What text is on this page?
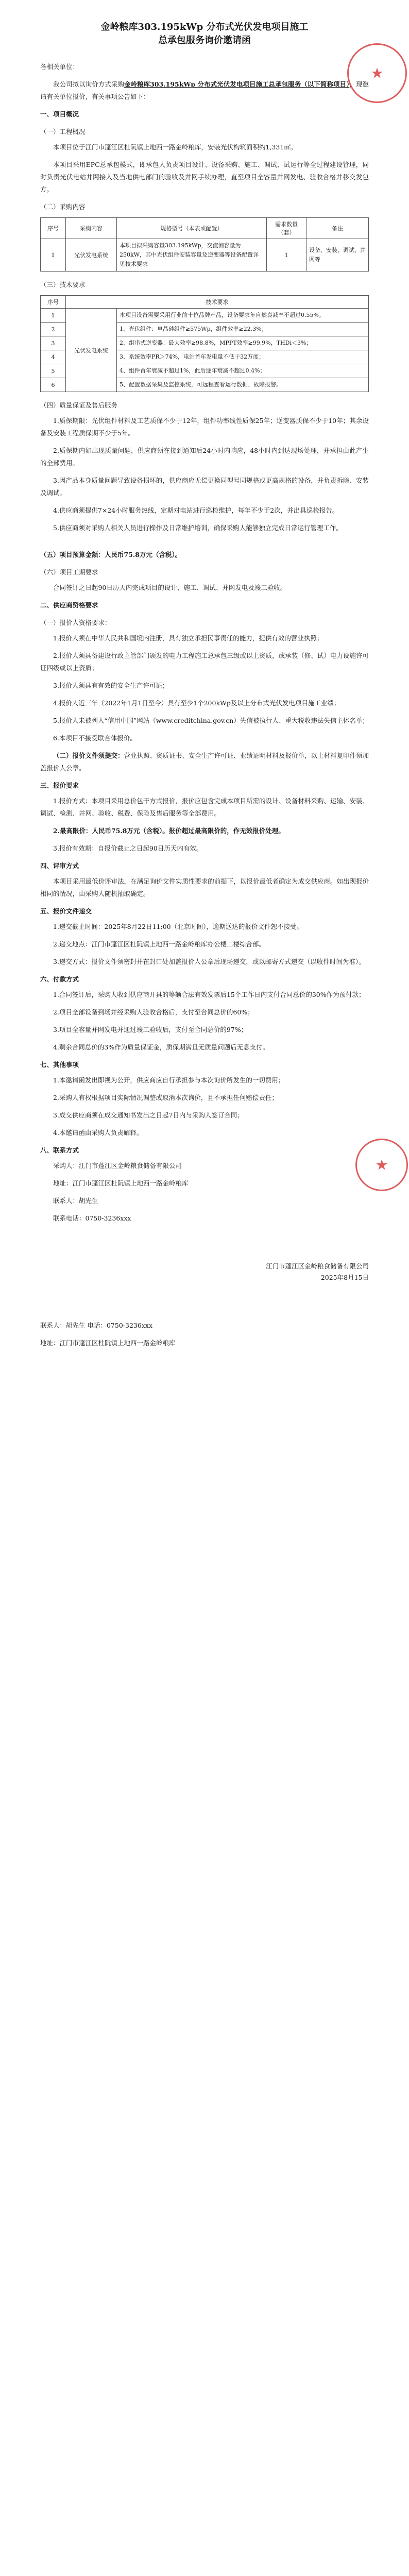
金岭粮库303.195kWp 分布式光伏发电项目施工
总承包服务询价邀请函

各相关单位：

我公司拟以询价方式采购金岭粮库303.195kWp 分布式光伏发电项目施工总承包服务（以下简称项目），现邀请有关单位报价，有关事项公告如下：

一、项目概况
（一）工程概况

本项目位于江门市蓬江区杜阮镇上地西一路金岭粮库，安装光伏构筑面积约1,331㎡。

本项目采用EPC总承包模式，即承包人负责项目设计、设备采购、施工、调试、试运行等全过程建设管理，同时负责光伏电站并网接入及当地供电部门的验收及并网手续办理，直至项目全容量并网发电、验收合格并移交发包方。

（二）采购内容
序号	采购内容	规格型号（本表或配置）	需求数量（套）	备注
1	光伏发电系统	本项目拟采购容量303.195kWp，交流侧容量为250kW，其中光伏组件安装容量及逆变器等设备配置详见技术要求	1	设备、安装、调试、并网等
（三）技术要求
序号	技术要求	
1	光伏发电系统	本项目设备需要采用行业前十位品牌产品，设备要求年自然衰减率不超过0.55%。
2		1、光伏组件：单晶硅组件≥575Wp，组件效率≥22.3%；
3		2、组串式逆变器：最大效率≥98.8%，MPPT效率≥99.9%，THDi＜3%；
4		3、系统效率PR＞74%，电站首年发电量不低于32万度；
5		4、组件首年衰减不超过1%，此后逐年衰减不超过0.4%；
6		5、配置数据采集及监控系统，可远程查看运行数据、故障报警。
（四）质量保证及售后服务

1.质保期限：光伏组件材料及工艺质保不少于12年，组件功率线性质保25年；逆变器质保不少于10年；其余设备及安装工程质保期不少于5年。

2.质保期内如出现质量问题，供应商须在接到通知后24小时内响应，48小时内到达现场处理，并承担由此产生的全部费用。

3.因产品本身质量问题导致设备损坏的，供应商应无偿更换同型号同规格或更高规格的设备，并负责拆除、安装及调试。

4.供应商须提供7×24小时服务热线，定期对电站进行巡检维护，每年不少于2次，并出具巡检报告。

5.供应商须对采购人相关人员进行操作及日常维护培训，确保采购人能够独立完成日常运行管理工作。

（五）项目预算金额：人民币75.8万元（含税）。
（六）项目工期要求

合同签订之日起90日历天内完成项目的设计、施工、调试、并网发电及竣工验收。

二、供应商资格要求
（一）报价人资格要求：

1.报价人须在中华人民共和国境内注册，具有独立承担民事责任的能力，提供有效的营业执照；

2.报价人须具备建设行政主管部门颁发的电力工程施工总承包三级或以上资质，或承装（修、试）电力设施许可证四级或以上资质；

3.报价人须具有有效的安全生产许可证；

4.报价人近三年（2022年1月1日至今）具有至少1个200kWp及以上分布式光伏发电项目施工业绩；

5.报价人未被列入“信用中国”网站（www.creditchina.gov.cn）失信被执行人、重大税收违法失信主体名单；

6.本项目不接受联合体报价。

（二）报价文件须提交：营业执照、资质证书、安全生产许可证、业绩证明材料及报价单，以上材料复印件须加盖报价人公章。

三、报价要求

1.报价方式：本项目采用总价包干方式报价，报价应包含完成本项目所需的设计、设备材料采购、运输、安装、调试、检测、并网、验收、税费、保险及售后服务等全部费用。

2.最高限价：人民币75.8万元（含税）。报价超过最高限价的，作无效报价处理。

3.报价有效期：自报价截止之日起90日历天内有效。

四、评审方式

本项目采用最低价评审法，在满足询价文件实质性要求的前提下，以报价最低者确定为成交供应商。如出现报价相同的情况，由采购人随机抽取确定。

五、报价文件递交

1.递交截止时间：2025年8月22日11:00（北京时间），逾期送达的报价文件恕不接受。

2.递交地点：江门市蓬江区杜阮镇上地西一路金岭粮库办公楼二楼综合部。

3.递交方式：报价文件须密封并在封口处加盖报价人公章后现场递交，或以邮寄方式递交（以收件时间为准）。

六、付款方式

1.合同签订后，采购人收到供应商开具的等额合法有效发票后15个工作日内支付合同总价的30%作为预付款；

2.项目全部设备到场并经采购人验收合格后，支付至合同总价的60%；

3.项目全容量并网发电并通过竣工验收后，支付至合同总价的97%；

4.剩余合同总价的3%作为质量保证金，质保期满且无质量问题后无息支付。

七、其他事项

1.本邀请函发出即视为公开，供应商应自行承担参与本次询价所发生的一切费用；

2.采购人有权根据项目实际情况调整或取消本次询价，且不承担任何赔偿责任；

3.成交供应商须在成交通知书发出之日起7日内与采购人签订合同；

4.本邀请函由采购人负责解释。

八、联系方式

采购人：江门市蓬江区金岭粮食储备有限公司

地址：江门市蓬江区杜阮镇上地西一路金岭粮库

联系人：胡先生

联系电话：0750-3236xxx

江门市蓬江区金岭粮食储备有限公司
2025年8月15日

联系人：胡先生 电话：0750-3236xxx

地址：江门市蓬江区杜阮镇上地西一路金岭粮库

★
★
